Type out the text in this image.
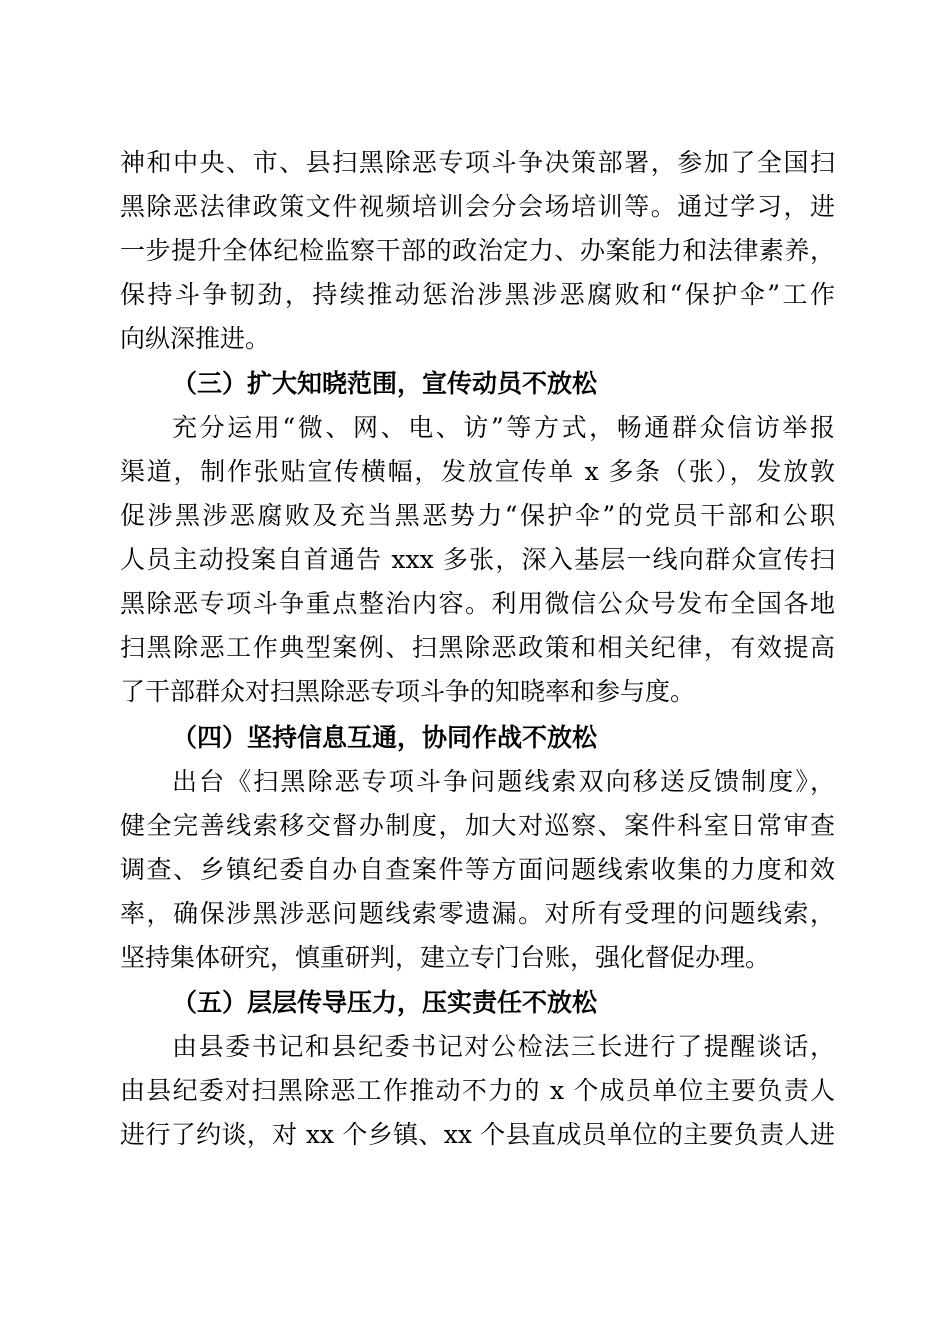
神和中央、市、县扫黑除恶专项斗争决策部署，参加了全国扫
黑除恶法律政策文件视频培训会分会场培训等。通过学习，进
一步提升全体纪检监察干部的政治定力、办案能力和法律素养，
保持斗争韧劲，持续推动惩治涉黑涉恶腐败和“保护伞”工作
向纵深推进。
（三）扩大知晓范围，宣传动员不放松
充分运用“微、网、电、访”等方式，畅通群众信访举报
渠道，制作张贴宣传横幅，发放宣传单 x 多条（张），发放敦
促涉黑涉恶腐败及充当黑恶势力“保护伞”的党员干部和公职
人员主动投案自首通告 xxx 多张，深入基层一线向群众宣传扫
黑除恶专项斗争重点整治内容。利用微信公众号发布全国各地
扫黑除恶工作典型案例、扫黑除恶政策和相关纪律，有效提高
了干部群众对扫黑除恶专项斗争的知晓率和参与度。
（四）坚持信息互通，协同作战不放松
出台《扫黑除恶专项斗争问题线索双向移送反馈制度》，
健全完善线索移交督办制度，加大对巡察、案件科室日常审查
调查、乡镇纪委自办自查案件等方面问题线索收集的力度和效
率，确保涉黑涉恶问题线索零遗漏。对所有受理的问题线索，
坚持集体研究，慎重研判，建立专门台账，强化督促办理。
（五）层层传导压力，压实责任不放松
由县委书记和县纪委书记对公检法三长进行了提醒谈话，
由县纪委对扫黑除恶工作推动不力的 x 个成员单位主要负责人
进行了约谈，对 xx 个乡镇、xx 个县直成员单位的主要负责人进
